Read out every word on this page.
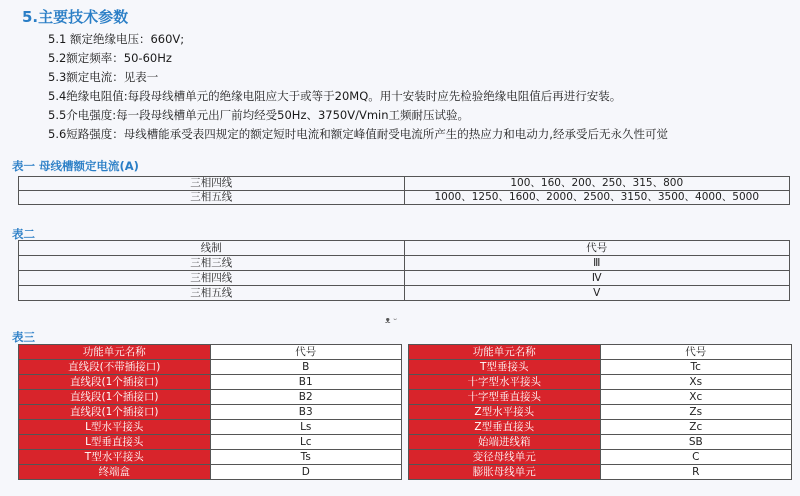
5.主要技术参数
5.1 额定绝缘电压：660V;
5.2额定频率：50-60Hz
5.3额定电流：见表一
5.4绝缘电阻值:每段母线槽单元的绝缘电阻应大于或等于20MQ。用十安装时应先检验绝缘电阻值后再进行安装。
5.5介电强度:每一段母线槽单元出厂前均经受50Hz、3750V/Vmin工频耐压试验。
5.6短路强度：母线槽能承受表四规定的额定短时电流和额定峰值耐受电流所产生的热应力和电动力,经承受后无永久性可觉
表一 母线槽额定电流(A)
三相四线	100、160、200、250、315、800
三相五线	1000、1250、1600、2000、2500、3150、3500、4000、5000
表二
线制	代号
三相三线	Ⅲ
三相四线	Ⅳ
三相五线	Ⅴ
ᴥ ᵕ
表三
功能单元名称	代号
直线段(不带插接口)	B
直线段(1个插接口)	B1
直线段(1个插接口)	B2
直线段(1个插接口)	B3
L型水平接头	Ls
L型垂直接头	Lc
T型水平接头	Ts
终端盒	D
功能单元名称	代号
T型垂接头	Tc
十字型水平接头	Xs
十字型垂直接头	Xc
Z型水平接头	Zs
Z型垂直接头	Zc
始端进线箱	SB
变径母线单元	C
膨胀母线单元	R
